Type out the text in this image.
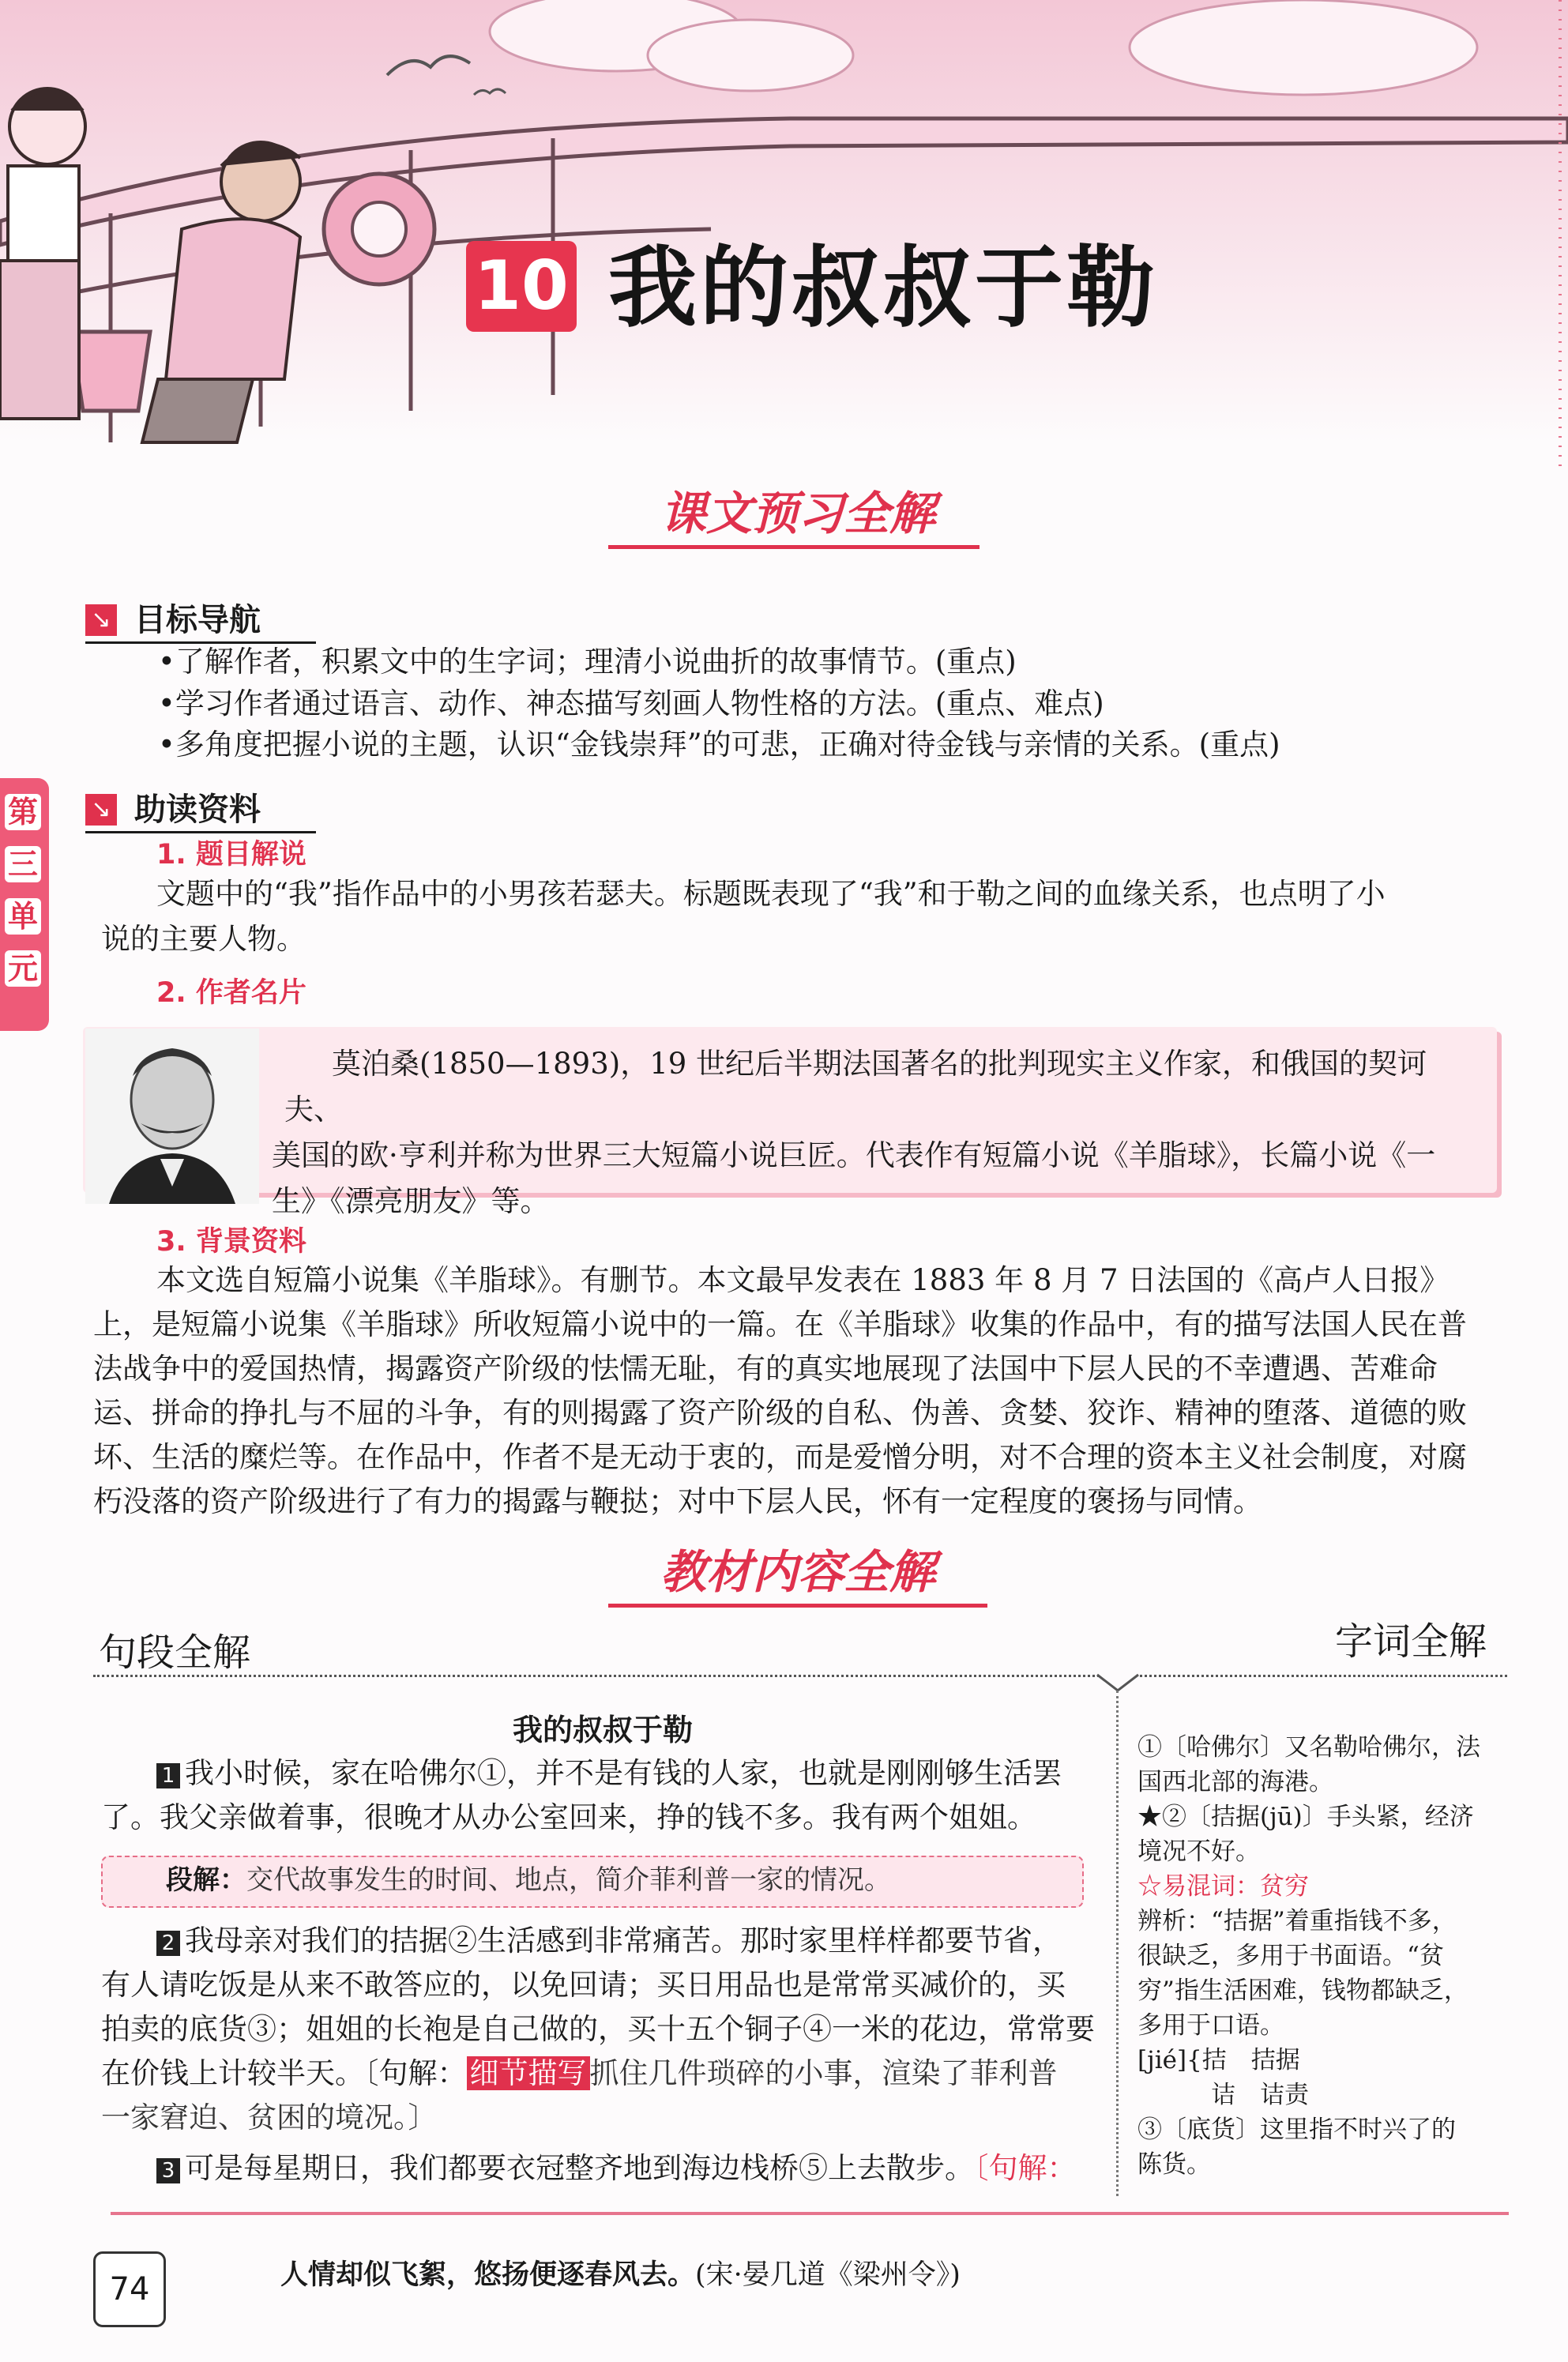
10 我的叔叔于勒
第
三
单
元
课文预习全解
↘ 目标导航
•了解作者，积累文中的生字词；理清小说曲折的故事情节。(重点)
•学习作者通过语言、动作、神态描写刻画人物性格的方法。(重点、难点)
•多角度把握小说的主题，认识“金钱崇拜”的可悲，正确对待金钱与亲情的关系。(重点)
↘ 助读资料
1. 题目解说
文题中的“我”指作品中的小男孩若瑟夫。标题既表现了“我”和于勒之间的血缘关系，也点明了小
说的主要人物。
2. 作者名片
莫泊桑(1850—1893)，19 世纪后半期法国著名的批判现实主义作家，和俄国的契诃夫、
美国的欧·亨利并称为世界三大短篇小说巨匠。代表作有短篇小说《羊脂球》，长篇小说《一
生》《漂亮朋友》等。
3. 背景资料
本文选自短篇小说集《羊脂球》。有删节。本文最早发表在 1883 年 8 月 7 日法国的《高卢人日报》
上，是短篇小说集《羊脂球》所收短篇小说中的一篇。在《羊脂球》收集的作品中，有的描写法国人民在普
法战争中的爱国热情，揭露资产阶级的怯懦无耻，有的真实地展现了法国中下层人民的不幸遭遇、苦难命
运、拼命的挣扎与不屈的斗争，有的则揭露了资产阶级的自私、伪善、贪婪、狡诈、精神的堕落、道德的败
坏、生活的糜烂等。在作品中，作者不是无动于衷的，而是爱憎分明，对不合理的资本主义社会制度，对腐
朽没落的资产阶级进行了有力的揭露与鞭挞；对中下层人民，怀有一定程度的褒扬与同情。
教材内容全解
句段全解	字词全解
我的叔叔于勒
1 我小时候，家在哈佛尔①，并不是有钱的人家，也就是刚刚够生活罢
了。我父亲做着事，很晚才从办公室回来，挣的钱不多。我有两个姐姐。
段解：交代故事发生的时间、地点，简介菲利普一家的情况。
2 我母亲对我们的拮据②生活感到非常痛苦。那时家里样样都要节省，
有人请吃饭是从来不敢答应的，以免回请；买日用品也是常常买减价的，买
拍卖的底货③；姐姐的长袍是自己做的，买十五个铜子④一米的花边，常常要
在价钱上计较半天。〔句解： 细节描写 抓住几件琐碎的小事，渲染了菲利普
一家窘迫、贫困的境况。〕
3 可是每星期日，我们都要衣冠整齐地到海边栈桥⑤上去散步。〔句解：
①〔哈佛尔〕又名勒哈佛尔，法
国西北部的海港。
★②〔拮据(jū)〕手头紧，经济
境况不好。
☆易混词：贫穷
辨析：“拮据”着重指钱不多，
很缺乏，多用于书面语。“贫
穷”指生活困难，钱物都缺乏，
多用于口语。
[jié]{拮　拮据
　　　诘　诘责
③〔底货〕这里指不时兴了的
陈货。
74	人情却似飞絮，悠扬便逐春风去。(宋·晏几道《梁州令》)
